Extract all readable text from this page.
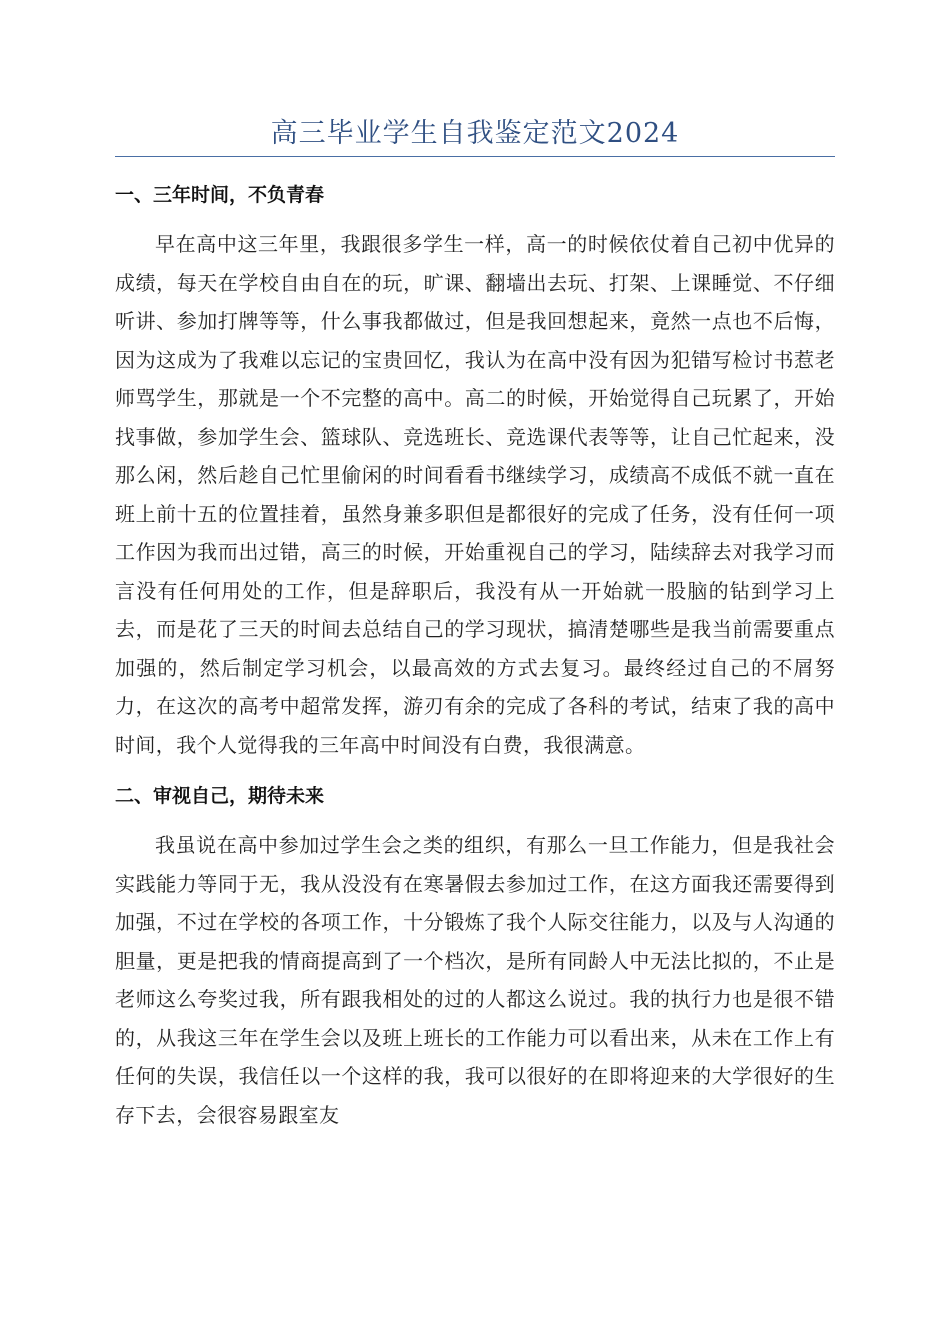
高三毕业学生自我鉴定范文2024
一、三年时间，不负青春

早在高中这三年里，我跟很多学生一样，高一的时候依仗着自己初中优异的成绩，每天在学校自由自在的玩，旷课、翻墙出去玩、打架、上课睡觉、不仔细听讲、参加打牌等等，什么事我都做过，但是我回想起来，竟然一点也不后悔，因为这成为了我难以忘记的宝贵回忆，我认为在高中没有因为犯错写检讨书惹老师骂学生，那就是一个不完整的高中。高二的时候，开始觉得自己玩累了，开始找事做，参加学生会、篮球队、竞选班长、竞选课代表等等，让自己忙起来，没那么闲，然后趁自己忙里偷闲的时间看看书继续学习，成绩高不成低不就一直在班上前十五的位置挂着，虽然身兼多职但是都很好的完成了任务，没有任何一项工作因为我而出过错，高三的时候，开始重视自己的学习，陆续辞去对我学习而言没有任何用处的工作，但是辞职后，我没有从一开始就一股脑的钻到学习上去，而是花了三天的时间去总结自己的学习现状，搞清楚哪些是我当前需要重点加强的，然后制定学习机会，以最高效的方式去复习。最终经过自己的不屑努力，在这次的高考中超常发挥，游刃有余的完成了各科的考试，结束了我的高中时间，我个人觉得我的三年高中时间没有白费，我很满意。

二、审视自己，期待未来

我虽说在高中参加过学生会之类的组织，有那么一旦工作能力，但是我社会实践能力等同于无，我从没没有在寒暑假去参加过工作，在这方面我还需要得到加强，不过在学校的各项工作，十分锻炼了我个人际交往能力，以及与人沟通的胆量，更是把我的情商提高到了一个档次，是所有同龄人中无法比拟的，不止是老师这么夸奖过我，所有跟我相处的过的人都这么说过。我的执行力也是很不错的，从我这三年在学生会以及班上班长的工作能力可以看出来，从未在工作上有任何的失误，我信任以一个这样的我，我可以很好的在即将迎来的大学很好的生存下去，会很容易跟室友
